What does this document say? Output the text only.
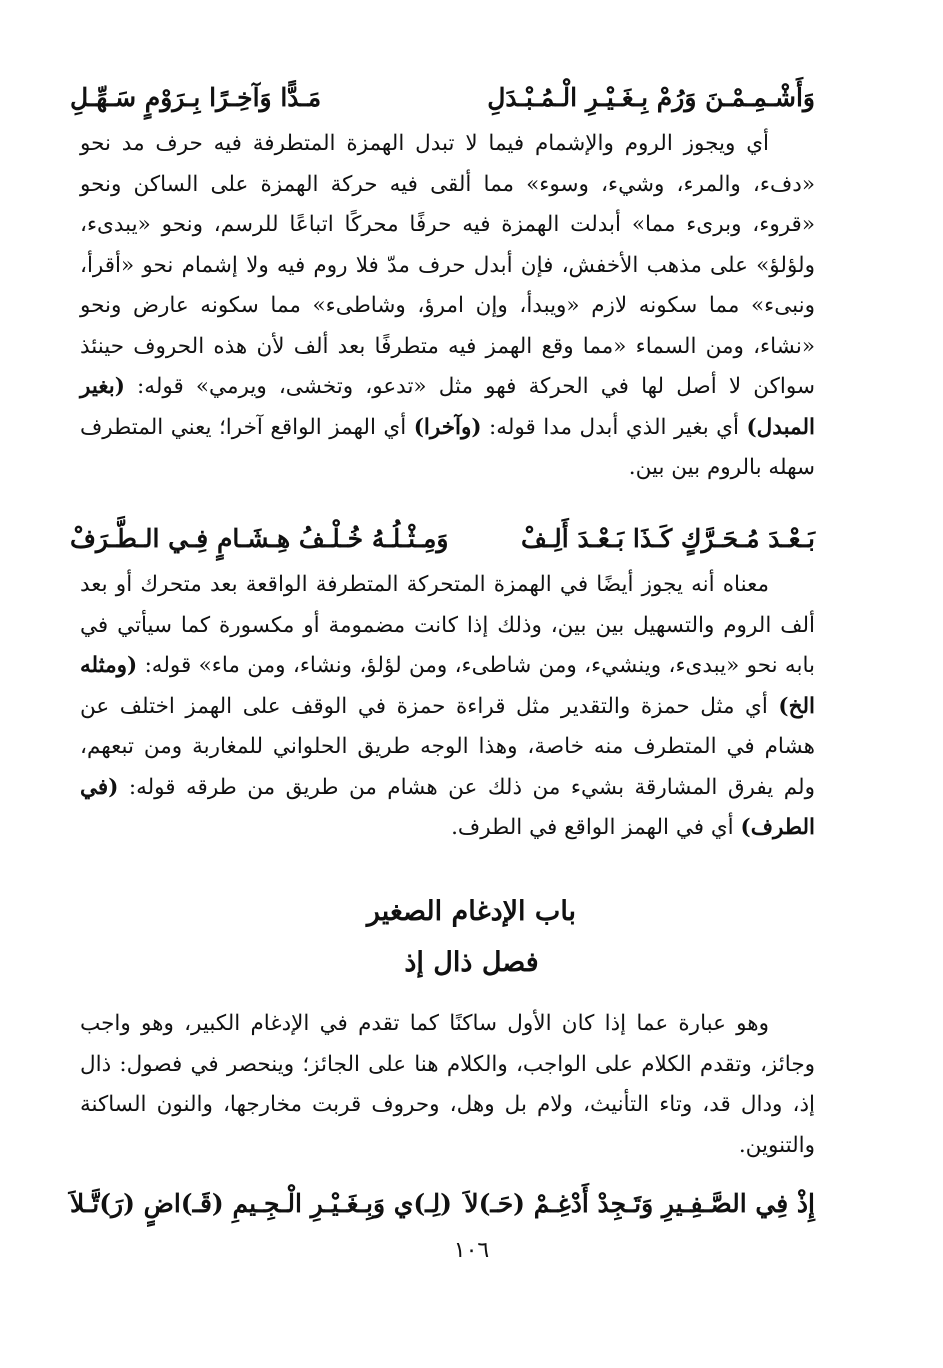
وَأَشْـمِـمْـنَ وَرُمْ بِـغَـيْـرِ الْـمُـبْـدَلِ
مَـدًّا وَآخِـرًا بِـرَوْمٍ سَـهِّـلِ

أي ويجوز الروم والإشمام فيما لا تبدل الهمزة المتطرفة فيه حرف مد نحو «دفء، والمرء، وشيء، وسوء» مما ألقى فيه حركة الهمزة على الساكن ونحو «قروء، وبرىء مما» أبدلت الهمزة فيه حرفًا محركًا اتباعًا للرسم، ونحو «يبدىء، ولؤلؤ» على مذهب الأخفش، فإن أبدل حرف مدّ فلا روم فيه ولا إشمام نحو «أقرأ، ونبىء» مما سكونه لازم «ويبدأ، وإن امرؤ، وشاطىء» مما سكونه عارض ونحو «نشاء، ومن السماء «مما وقع الهمز فيه متطرفًا بعد ألف لأن هذه الحروف حينئذ سواكن لا أصل لها في الحركة فهو مثل «تدعو، وتخشى، ويرمي» قوله: (بغير المبدل) أي بغير الذي أبدل مدا قوله: (وآخرا) أي الهمز الواقع آخرا؛ يعني المتطرف سهله بالروم بين بين.

بَـعْـدَ مُـحَـرَّكٍ كَـذَا بَـعْـدَ أَلِـفْ
وَمِـثْـلُـهُ خُـلْـفُ هِـشَـامٍ فِـي الـطَّـرَفْ

معناه أنه يجوز أيضًا في الهمزة المتحركة المتطرفة الواقعة بعد متحرك أو بعد ألف الروم والتسهيل بين بين، وذلك إذا كانت مضمومة أو مكسورة كما سيأتي في بابه نحو «يبدىء، وينشيء، ومن شاطىء، ومن لؤلؤ، ونشاء، ومن ماء» قوله: (ومثله الخ) أي مثل حمزة والتقدير مثل قراءة حمزة في الوقف على الهمز اختلف عن هشام في المتطرف منه خاصة، وهذا الوجه طريق الحلواني للمغاربة ومن تبعهم، ولم يفرق المشارقة بشيء من ذلك عن هشام من طريق من طرقه قوله: (في الطرف) أي في الهمز الواقع في الطرف.

باب الإدغام الصغير
فصل ذال إذ

وهو عبارة عما إذا كان الأول ساكنًا كما تقدم في الإدغام الكبير، وهو واجب وجائز، وتقدم الكلام على الواجب، والكلام هنا على الجائز؛ وينحصر في فصول: ذال إذ، ودال قد، وتاء التأنيث، ولام بل وهل، وحروف قربت مخارجها، والنون الساكنة والتنوين.

إِذْ فِي الصَّـفِـيرِ وَتَـجِدْ أَدْغِـمْ (حَـ)لاَ
(لِـ)ي وَبِـغَـيْـرِ الْـجِـيمِ (قَـ)اضٍ (رَ)تَّـلاَ
١٠٦
